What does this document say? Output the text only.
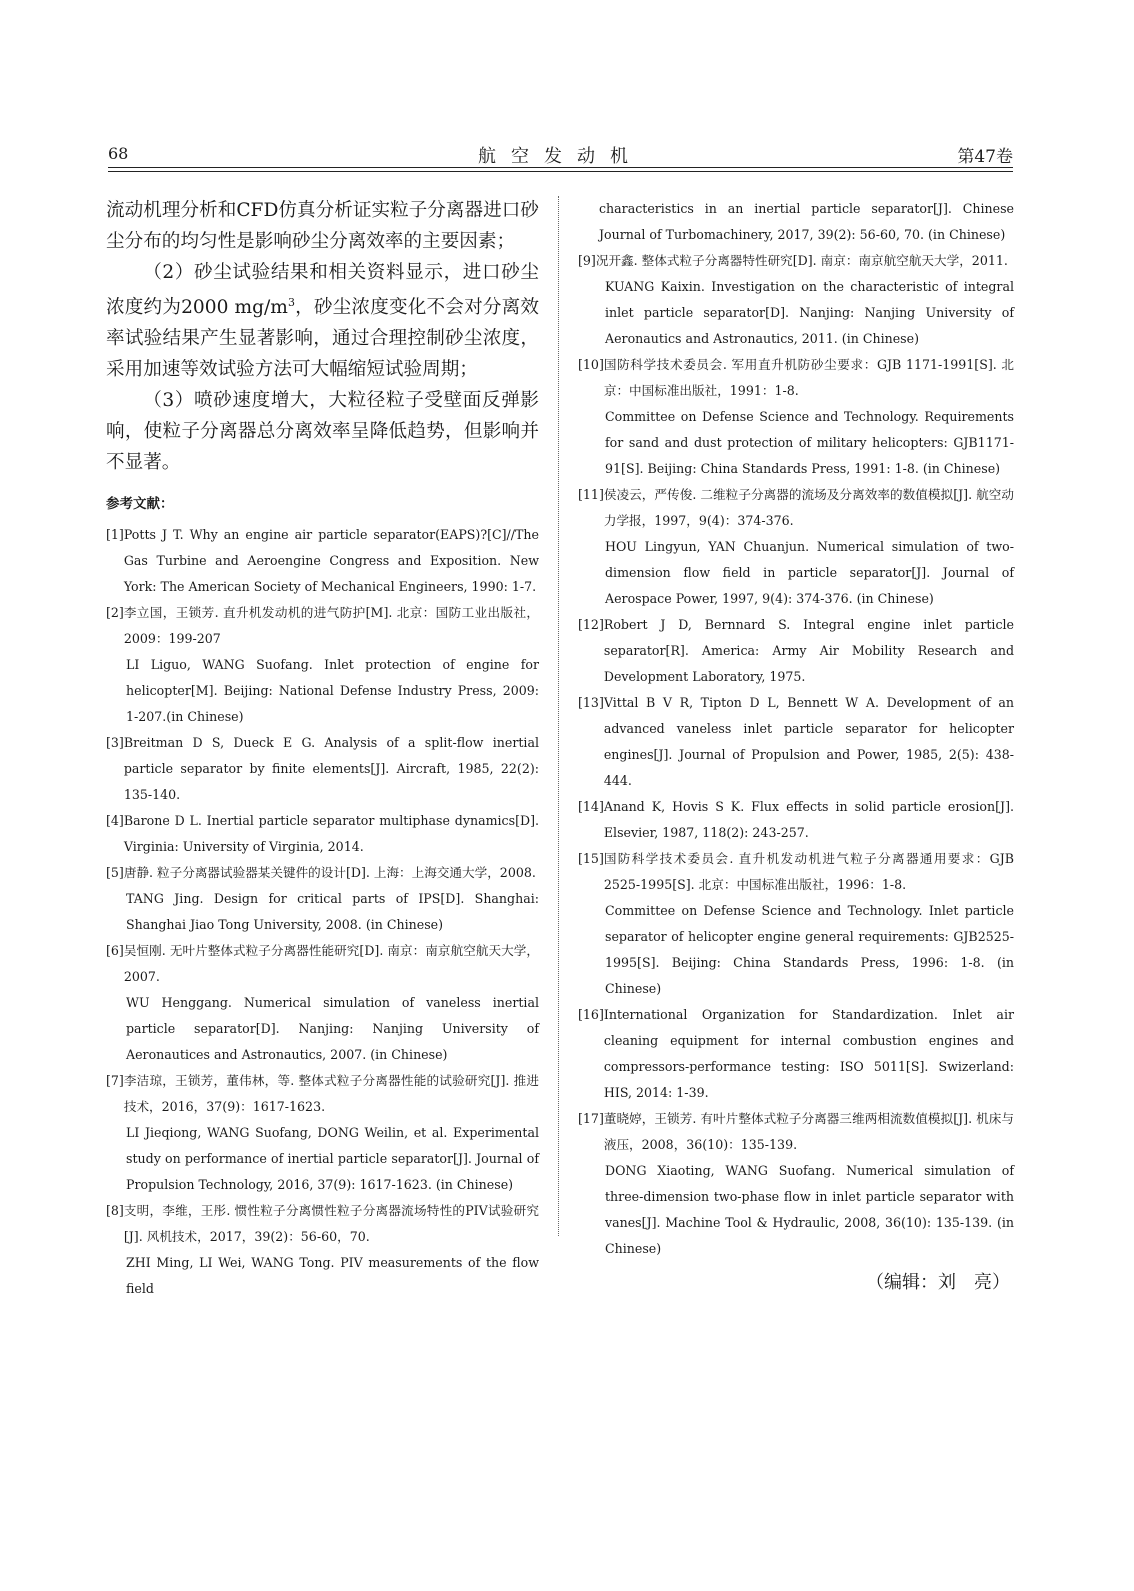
68	航空发动机	第47卷

流动机理分析和CFD仿真分析证实粒子分离器进口砂尘分布的均匀性是影响砂尘分离效率的主要因素；

（2）砂尘试验结果和相关资料显示，进口砂尘浓度约为2000 $mg/m^3$，砂尘浓度变化不会对分离效率试验结果产生显著影响，通过合理控制砂尘浓度，采用加速等效试验方法可大幅缩短试验周期；

（3）喷砂速度增大，大粒径粒子受壁面反弹影响，使粒子分离器总分离效率呈降低趋势，但影响并不显著。

参考文献：
[1] Potts J T. Why an engine air particle separator(EAPS)?[C]//The Gas Turbine and Aeroengine Congress and Exposition. New York: The American Society of Mechanical Engineers, 1990: 1-7.
[2] 李立国，王锁芳. 直升机发动机的进气防护[M]. 北京：国防工业出版社，2009：199-207
LI Liguo, WANG Suofang. Inlet protection of engine for helicopter[M]. Beijing: National Defense Industry Press, 2009: 1-207.(in Chinese)
[3] Breitman D S, Dueck E G. Analysis of a split-flow inertial particle separator by finite elements[J]. Aircraft, 1985, 22(2): 135-140.
[4] Barone D L. Inertial particle separator multiphase dynamics[D]. Virginia: University of Virginia, 2014.
[5] 唐静. 粒子分离器试验器某关键件的设计[D]. 上海：上海交通大学，2008.
TANG Jing. Design for critical parts of IPS[D]. Shanghai: Shanghai Jiao Tong University, 2008. (in Chinese)
[6] 吴恒刚. 无叶片整体式粒子分离器性能研究[D]. 南京：南京航空航天大学，2007.
WU Henggang. Numerical simulation of vaneless inertial particle separator[D]. Nanjing: Nanjing University of Aeronautices and Astronautics, 2007. (in Chinese)
[7] 李洁琼，王锁芳，董伟林，等. 整体式粒子分离器性能的试验研究[J]. 推进技术，2016，37(9)：1617-1623.
LI Jieqiong, WANG Suofang, DONG Weilin, et al. Experimental study on performance of inertial particle separator[J]. Journal of Propulsion Technology, 2016, 37(9): 1617-1623. (in Chinese)
[8] 支明，李维，王彤. 惯性粒子分离惯性粒子分离器流场特性的PIV试验研究[J]. 风机技术，2017，39(2)：56-60，70.
ZHI Ming, LI Wei, WANG Tong. PIV measurements of the flow field
characteristics in an inertial particle separator[J]. Chinese Journal of Turbomachinery, 2017, 39(2): 56-60, 70. (in Chinese)
[9] 况开鑫. 整体式粒子分离器特性研究[D]. 南京：南京航空航天大学，2011.
KUANG Kaixin. Investigation on the characteristic of integral inlet particle separator[D]. Nanjing: Nanjing University of Aeronautics and Astronautics, 2011. (in Chinese)
[10] 国防科学技术委员会. 军用直升机防砂尘要求：GJB 1171-1991[S]. 北京：中国标准出版社，1991：1-8.
Committee on Defense Science and Technology. Requirements for sand and dust protection of military helicopters: GJB1171-91[S]. Beijing: China Standards Press, 1991: 1-8. (in Chinese)
[11] 侯凌云，严传俊. 二维粒子分离器的流场及分离效率的数值模拟[J]. 航空动力学报，1997，9(4)：374-376.
HOU Lingyun, YAN Chuanjun. Numerical simulation of two-dimension flow field in particle separator[J]. Journal of Aerospace Power, 1997, 9(4): 374-376. (in Chinese)
[12] Robert J D, Bernnard S. Integral engine inlet particle separator[R]. America: Army Air Mobility Research and Development Laboratory, 1975.
[13] Vittal B V R, Tipton D L, Bennett W A. Development of an advanced vaneless inlet particle separator for helicopter engines[J]. Journal of Propulsion and Power, 1985, 2(5): 438-444.
[14] Anand K, Hovis S K. Flux effects in solid particle erosion[J]. Elsevier, 1987, 118(2): 243-257.
[15] 国防科学技术委员会. 直升机发动机进气粒子分离器通用要求：GJB 2525-1995[S]. 北京：中国标准出版社，1996：1-8.
Committee on Defense Science and Technology. Inlet particle separator of helicopter engine general requirements: GJB2525-1995[S]. Beijing: China Standards Press, 1996: 1-8. (in Chinese)
[16] International Organization for Standardization. Inlet air cleaning equipment for internal combustion engines and compressors-performance testing: ISO 5011[S]. Swizerland: HIS, 2014: 1-39.
[17] 董晓婷，王锁芳. 有叶片整体式粒子分离器三维两相流数值模拟[J]. 机床与液压，2008，36(10)：135-139.
DONG Xiaoting, WANG Suofang. Numerical simulation of three-dimension two-phase flow in inlet particle separator with vanes[J]. Machine Tool & Hydraulic, 2008, 36(10): 135-139. (in Chinese)
（编辑：刘　亮）
